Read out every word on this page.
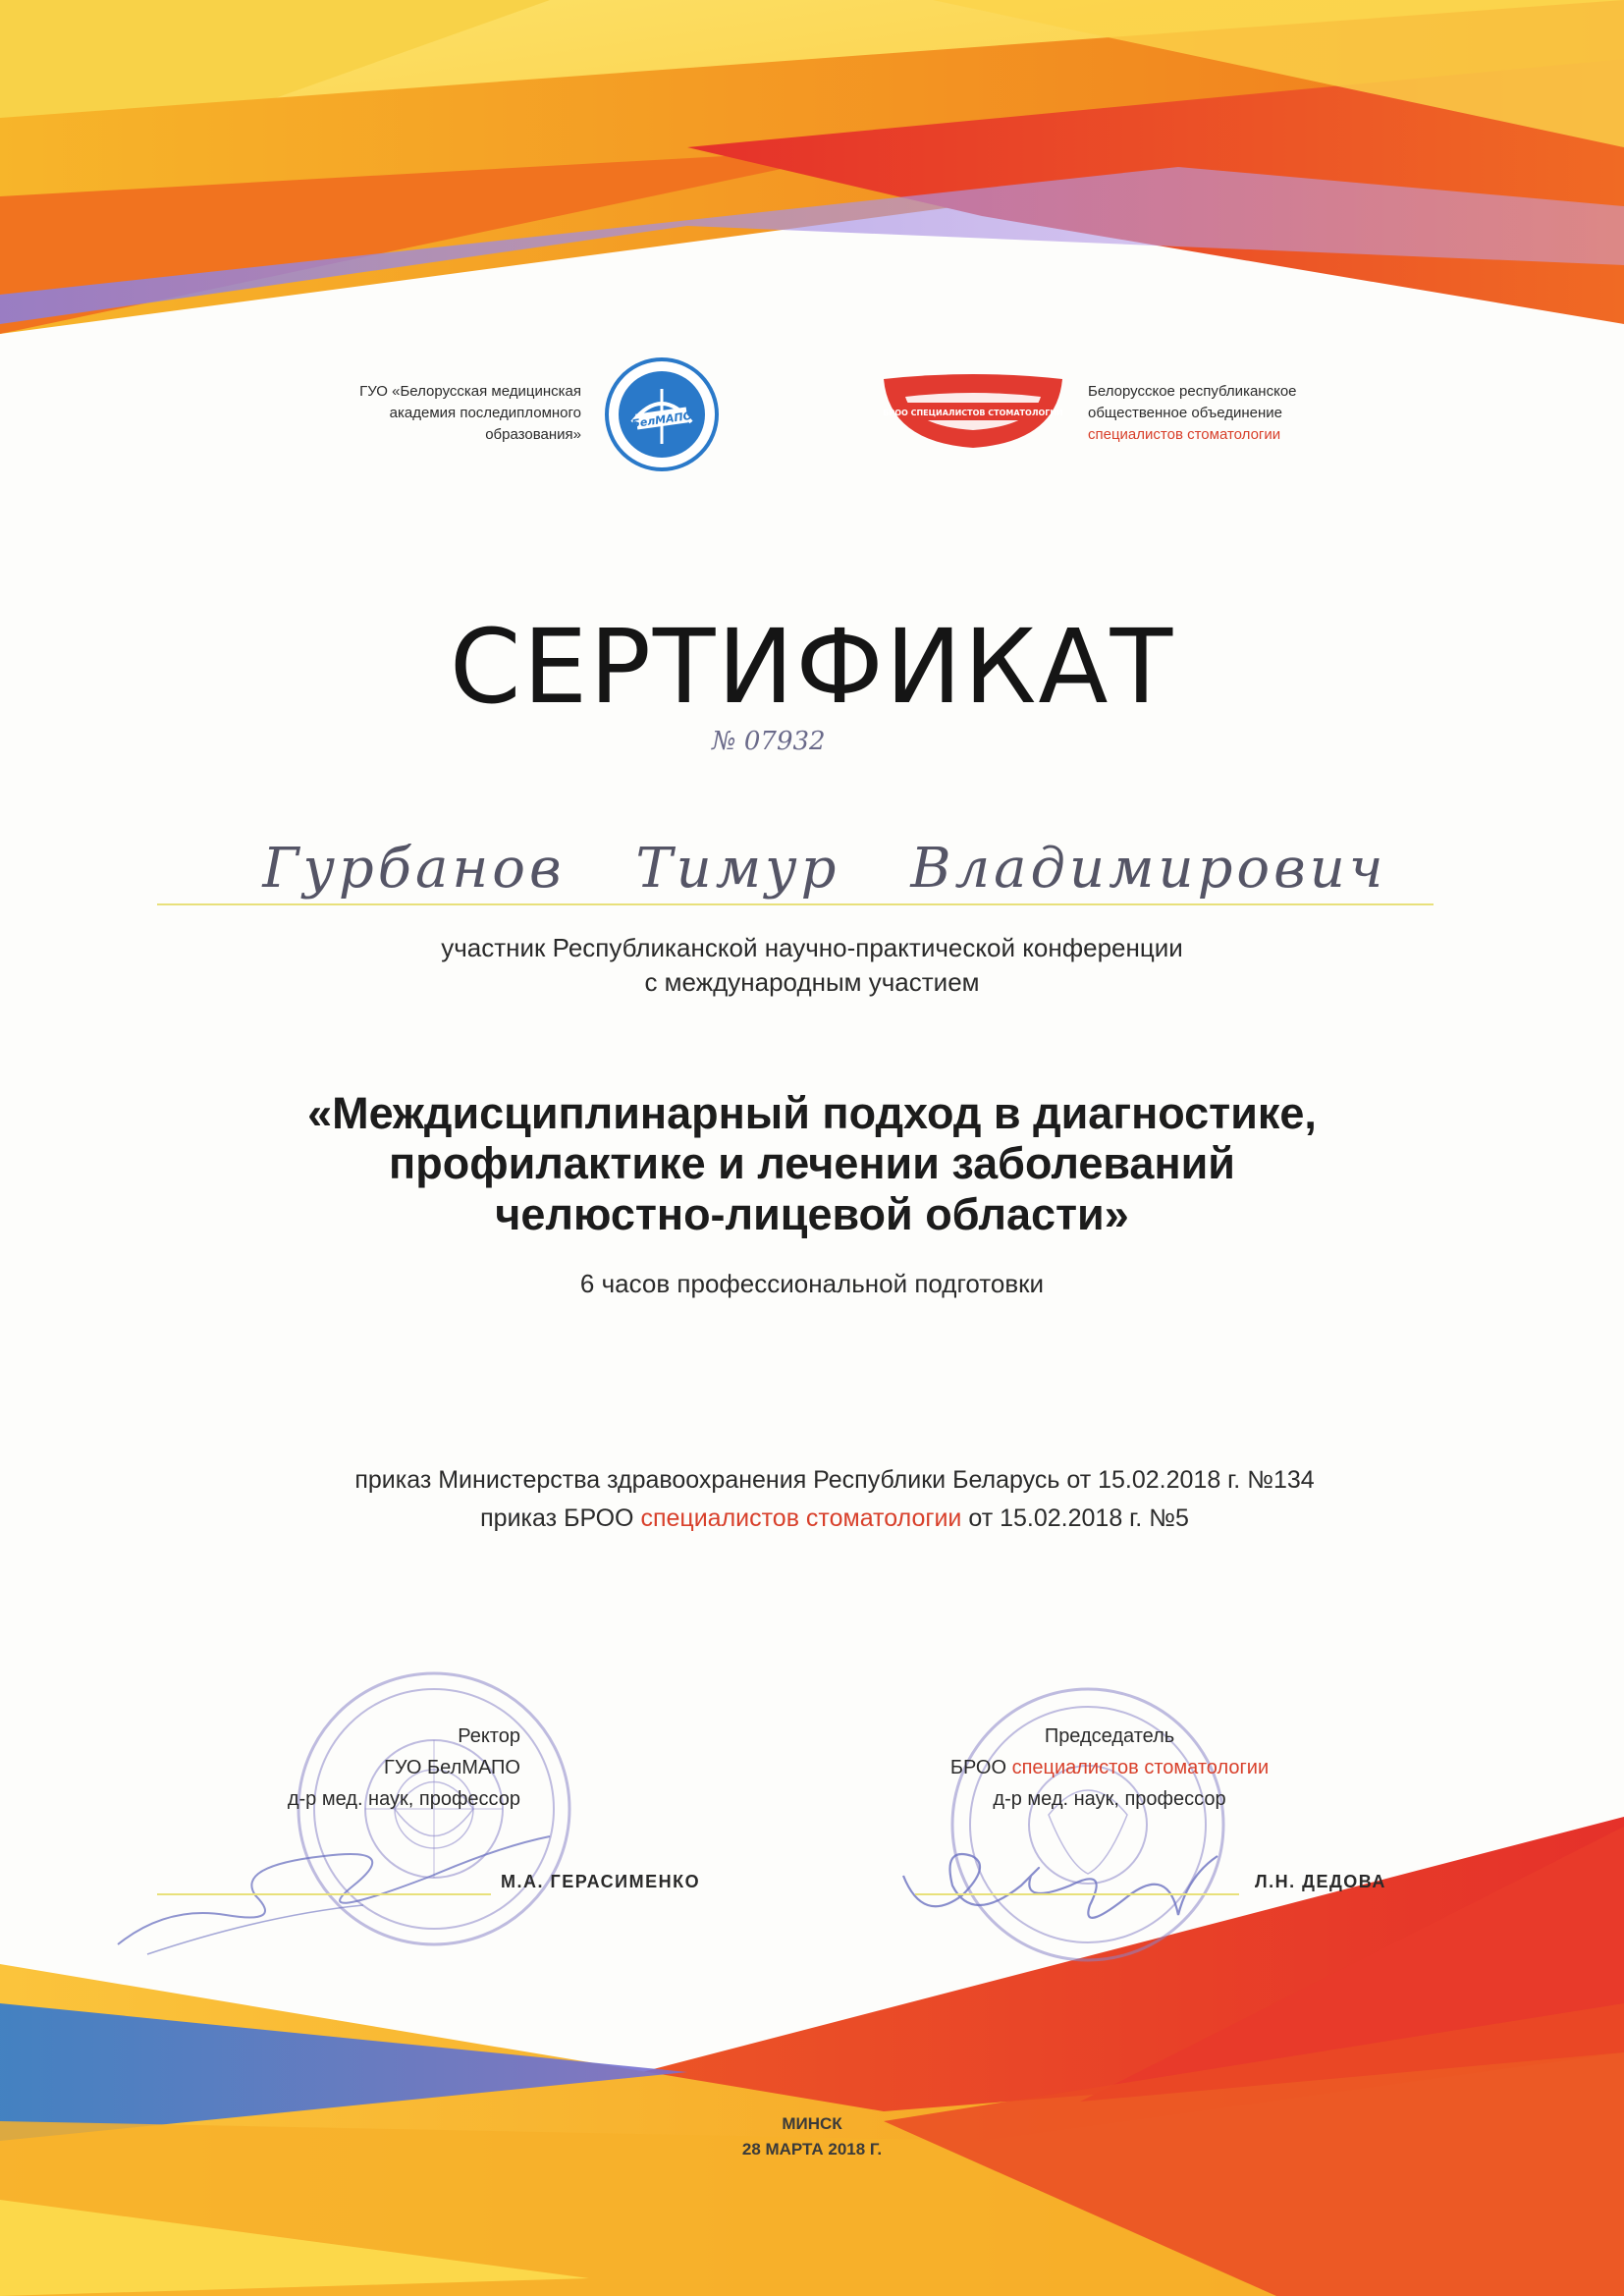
ГУО «Белорусская медицинская
академия последипломного
образования»
БелМАПО	БРОО СПЕЦИАЛИСТОВ СТОМАТОЛОГИИ
Белорусское республиканское
общественное объединение
специалистов стоматологии
СЕРТИФИКАТ
№ 07932
Гурбанов Тимур Владимирович
участник Республиканской научно-практической конференции
с международным участием
«Междисциплинарный подход в диагностике,
профилактике и лечении заболеваний
челюстно-лицевой области»
6 часов профессиональной подготовки
приказ Министерства здравоохранения Республики Беларусь от 15.02.2018 г. №134
приказ БРОО специалистов стоматологии от 15.02.2018 г. №5
Ректор
ГУО БелМАПО
д-р мед. наук, профессор
М.А. ГЕРАСИМЕНКО
Председатель
БРОО специалистов стоматологии
д-р мед. наук, профессор
Л.Н. ДЕДОВА
МИНСК
28 МАРТА 2018 Г.
